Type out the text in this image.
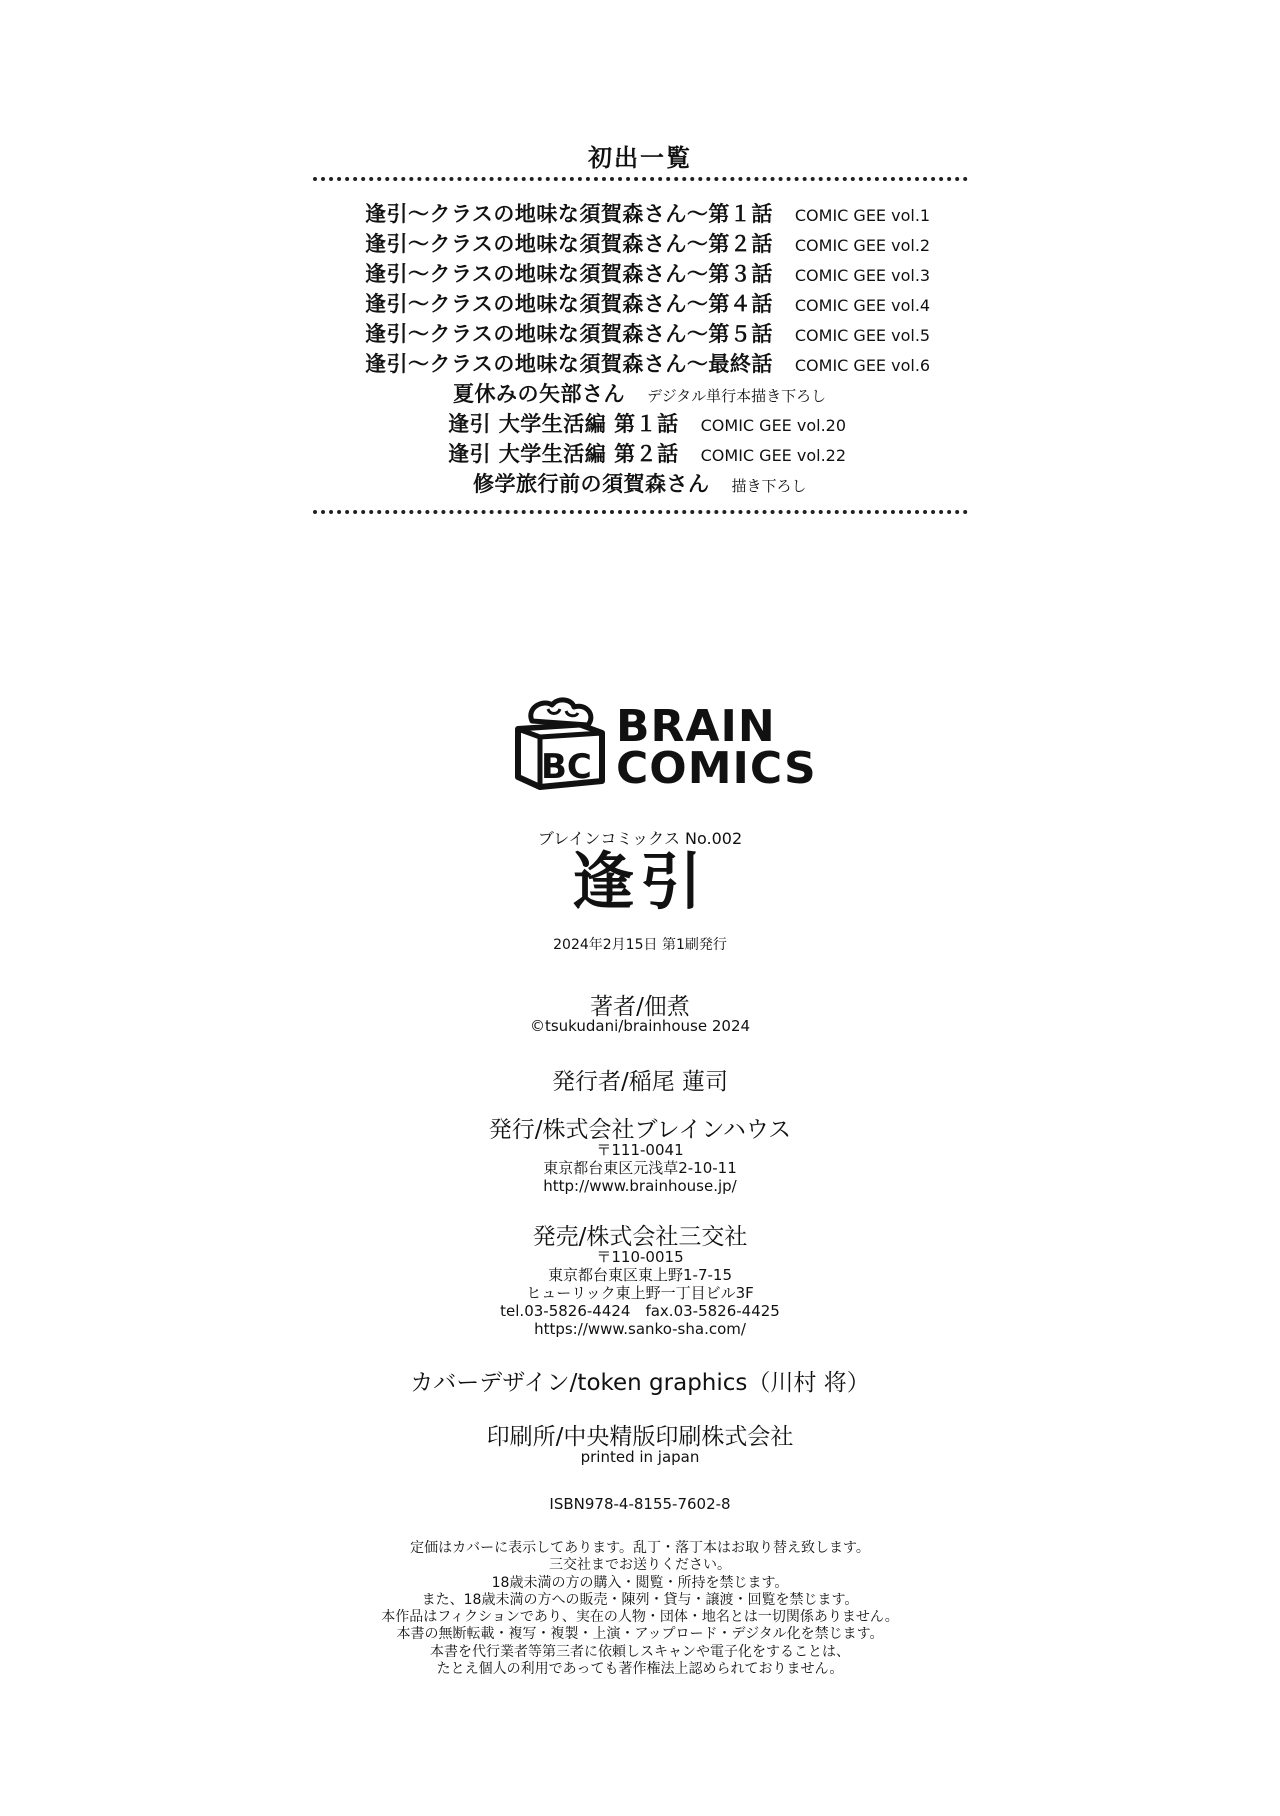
初出一覧
逢引～クラスの地味な須賀森さん～第１話 COMIC GEE vol.1
逢引～クラスの地味な須賀森さん～第２話 COMIC GEE vol.2
逢引～クラスの地味な須賀森さん～第３話 COMIC GEE vol.3
逢引～クラスの地味な須賀森さん～第４話 COMIC GEE vol.4
逢引～クラスの地味な須賀森さん～第５話 COMIC GEE vol.5
逢引～クラスの地味な須賀森さん～最終話 COMIC GEE vol.6
夏休みの矢部さん デジタル単行本描き下ろし
逢引 大学生活編 第１話 COMIC GEE vol.20
逢引 大学生活編 第２話 COMIC GEE vol.22
修学旅行前の須賀森さん 描き下ろし
BC
BRAIN
COMICS
ブレインコミックス No.002
逢引
2024年2月15日 第1刷発行
著者/佃煮
©tsukudani/brainhouse 2024
発行者/稲尾 蓮司
発行/株式会社ブレインハウス
〒111-0041
東京都台東区元浅草2-10-11
http://www.brainhouse.jp/
発売/株式会社三交社
〒110-0015
東京都台東区東上野1-7-15
ヒューリック東上野一丁目ビル3F
tel.03-5826-4424　fax.03-5826-4425
https://www.sanko-sha.com/
カバーデザイン/token graphics（川村 将）
印刷所/中央精版印刷株式会社
printed in japan
ISBN978-4-8155-7602-8

定価はカバーに表示してあります。乱丁・落丁本はお取り替え致します。

三交社までお送りください。

18歳未満の方の購入・閲覧・所持を禁じます。

また、18歳未満の方への販売・陳列・貸与・譲渡・回覧を禁じます。

本作品はフィクションであり、実在の人物・団体・地名とは一切関係ありません。

本書の無断転載・複写・複製・上演・アップロード・デジタル化を禁じます。

本書を代行業者等第三者に依頼しスキャンや電子化をすることは、

たとえ個人の利用であっても著作権法上認められておりません。
